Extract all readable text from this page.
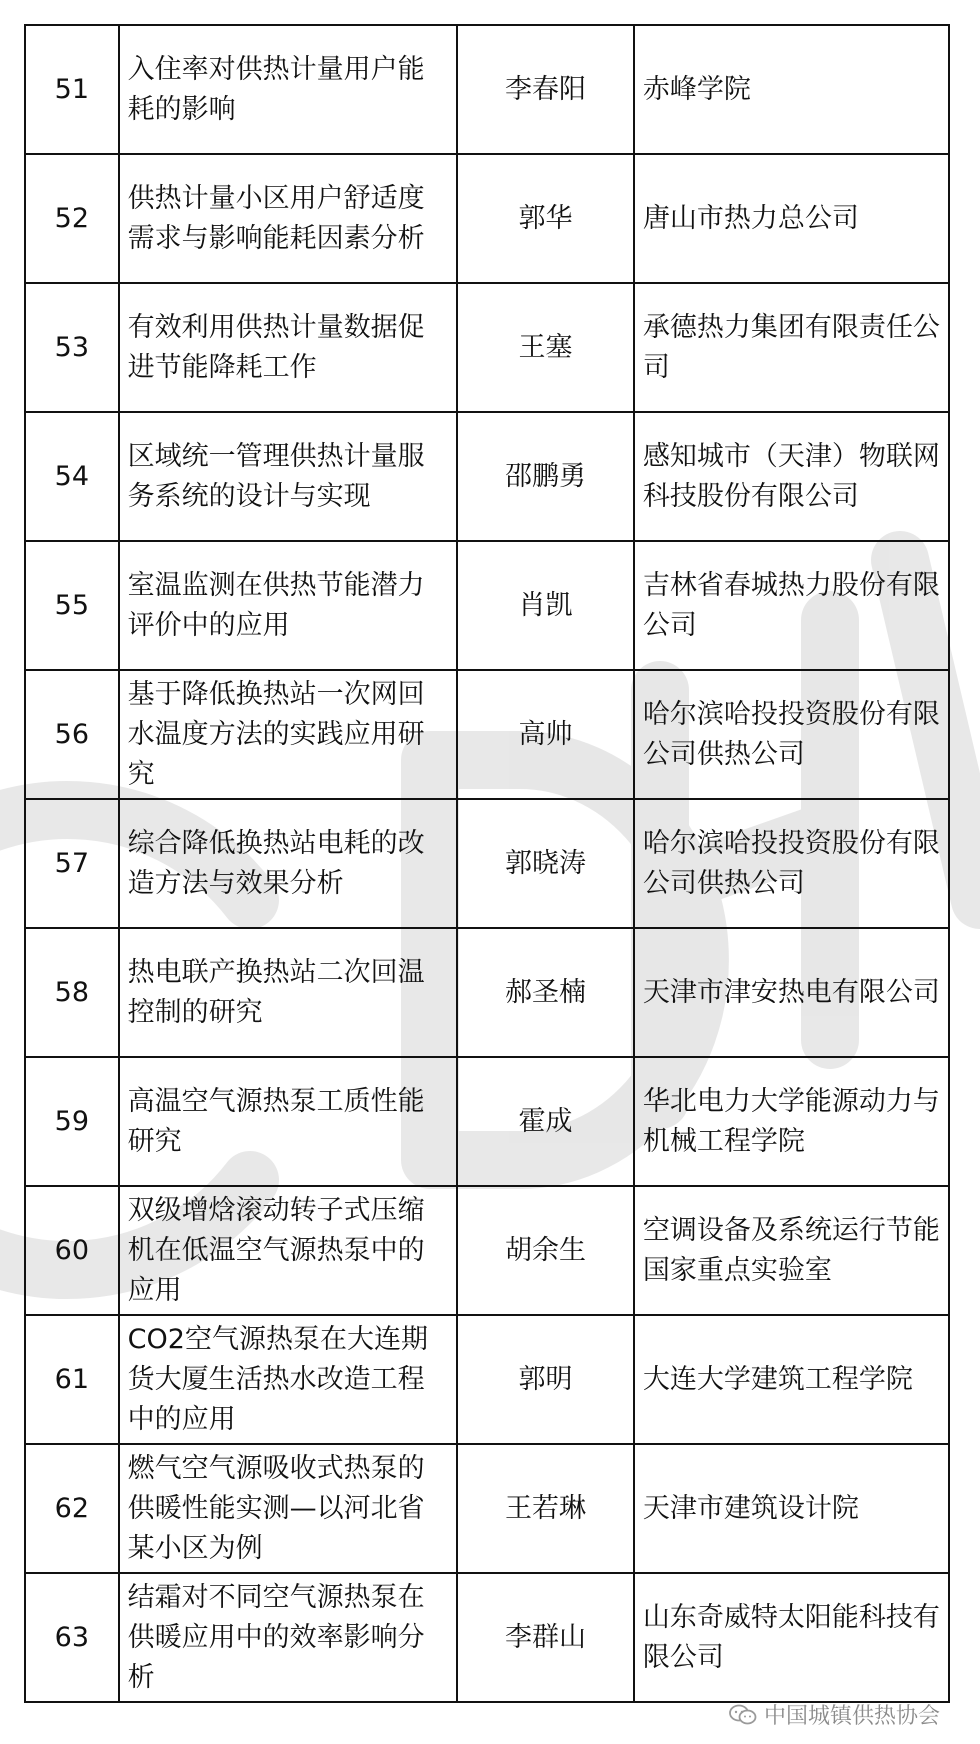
51	入住率对供热计量用户能耗的影响	李春阳	赤峰学院
52	供热计量小区用户舒适度需求与影响能耗因素分析	郭华	唐山市热力总公司
53	有效利用供热计量数据促进节能降耗工作	王塞	承德热力集团有限责任公司
54	区域统一管理供热计量服务系统的设计与实现	邵鹏勇	感知城市（天津）物联网科技股份有限公司
55	室温监测在供热节能潜力评价中的应用	肖凯	吉林省春城热力股份有限公司
56	基于降低换热站一次网回水温度方法的实践应用研究	高帅	哈尔滨哈投投资股份有限公司供热公司
57	综合降低换热站电耗的改造方法与效果分析	郭晓涛	哈尔滨哈投投资股份有限公司供热公司
58	热电联产换热站二次回温控制的研究	郝圣楠	天津市津安热电有限公司
59	高温空气源热泵工质性能研究	霍成	华北电力大学能源动力与机械工程学院
60	双级增焓滚动转子式压缩机在低温空气源热泵中的应用	胡余生	空调设备及系统运行节能国家重点实验室
61	CO2空气源热泵在大连期货大厦生活热水改造工程中的应用	郭明	大连大学建筑工程学院
62	燃气空气源吸收式热泵的供暖性能实测—以河北省某小区为例	王若琳	天津市建筑设计院
63	结霜对不同空气源热泵在供暖应用中的效率影响分析	李群山	山东奇威特太阳能科技有限公司
中国城镇供热协会
